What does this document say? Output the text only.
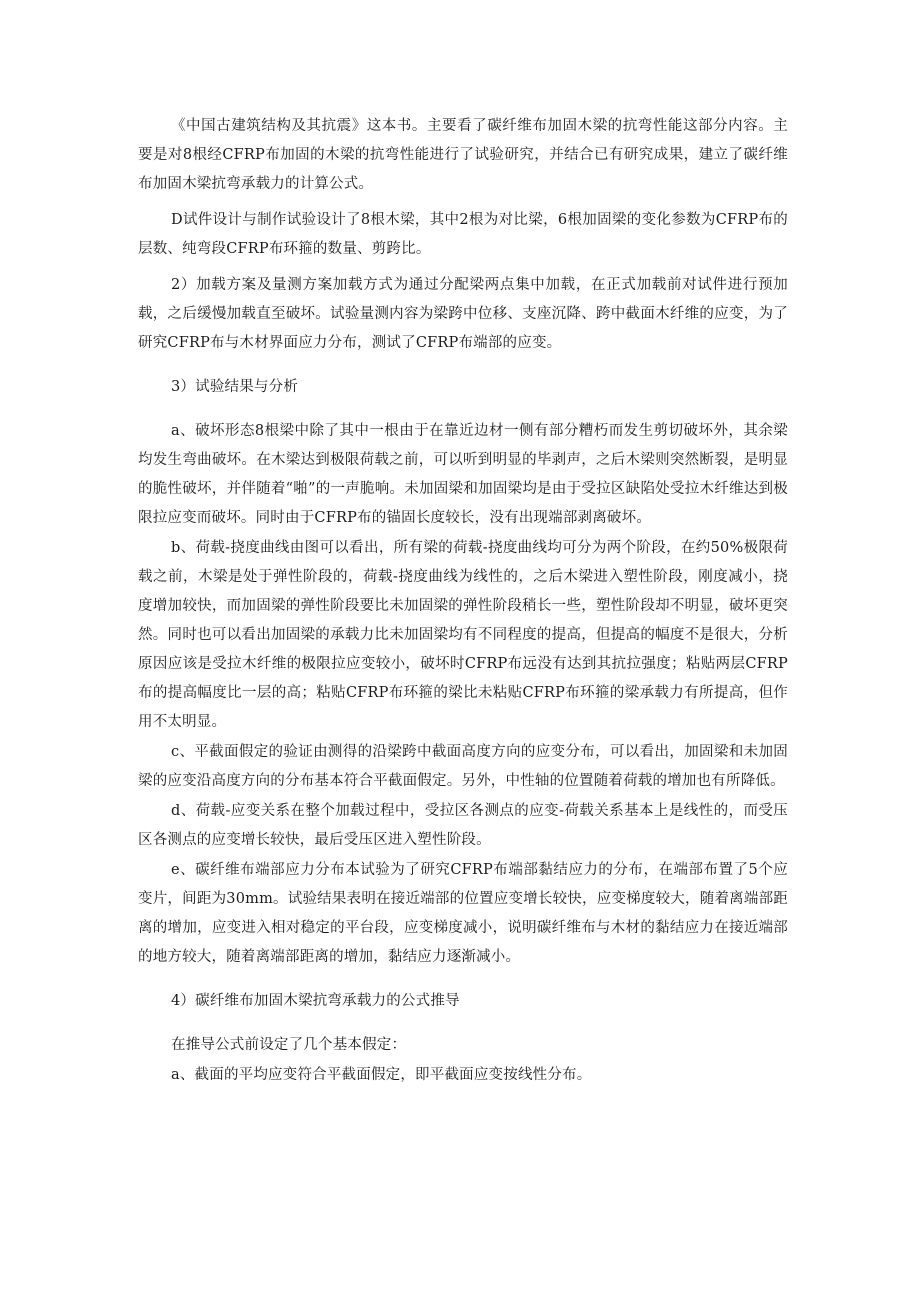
《中国古建筑结构及其抗震》这本书。主要看了碳纤维布加固木梁的抗弯性能这部分内容。主要是对8根经CFRP布加固的木梁的抗弯性能进行了试验研究，并结合已有研究成果，建立了碳纤维布加固木梁抗弯承载力的计算公式。

D试件设计与制作试验设计了8根木梁，其中2根为对比梁，6根加固梁的变化参数为CFRP布的层数、纯弯段CFRP布环箍的数量、剪跨比。

2）加载方案及量测方案加载方式为通过分配梁两点集中加载，在正式加载前对试件进行预加载，之后缓慢加载直至破坏。试验量测内容为梁跨中位移、支座沉降、跨中截面木纤维的应变，为了研究CFRP布与木材界面应力分布，测试了CFRP布端部的应变。

3）试验结果与分析

a、破坏形态8根梁中除了其中一根由于在靠近边材一侧有部分糟朽而发生剪切破坏外，其余梁均发生弯曲破坏。在木梁达到极限荷载之前，可以听到明显的毕剥声，之后木梁则突然断裂，是明显的脆性破坏，并伴随着“啪”的一声脆响。未加固梁和加固梁均是由于受拉区缺陷处受拉木纤维达到极限拉应变而破坏。同时由于CFRP布的锚固长度较长，没有出现端部剥离破坏。

b、荷载-挠度曲线由图可以看出，所有梁的荷载-挠度曲线均可分为两个阶段，在约50%极限荷载之前，木梁是处于弹性阶段的，荷载-挠度曲线为线性的，之后木梁进入塑性阶段，刚度减小，挠度增加较快，而加固梁的弹性阶段要比未加固梁的弹性阶段稍长一些，塑性阶段却不明显，破坏更突然。同时也可以看出加固梁的承载力比未加固梁均有不同程度的提高，但提高的幅度不是很大，分析原因应该是受拉木纤维的极限拉应变较小，破坏时CFRP布远没有达到其抗拉强度；粘贴两层CFRP布的提高幅度比一层的高；粘贴CFRP布环箍的梁比未粘贴CFRP布环箍的梁承载力有所提高，但作用不太明显。

c、平截面假定的验证由测得的沿梁跨中截面高度方向的应变分布，可以看出，加固梁和未加固梁的应变沿高度方向的分布基本符合平截面假定。另外，中性轴的位置随着荷载的增加也有所降低。

d、荷载-应变关系在整个加载过程中，受拉区各测点的应变-荷载关系基本上是线性的，而受压区各测点的应变增长较快，最后受压区进入塑性阶段。

e、碳纤维布端部应力分布本试验为了研究CFRP布端部黏结应力的分布，在端部布置了5个应变片，间距为30mm。试验结果表明在接近端部的位置应变增长较快，应变梯度较大，随着离端部距离的增加，应变进入相对稳定的平台段，应变梯度减小，说明碳纤维布与木材的黏结应力在接近端部的地方较大，随着离端部距离的增加，黏结应力逐渐减小。

4）碳纤维布加固木梁抗弯承载力的公式推导

在推导公式前设定了几个基本假定：

a、截面的平均应变符合平截面假定，即平截面应变按线性分布。
